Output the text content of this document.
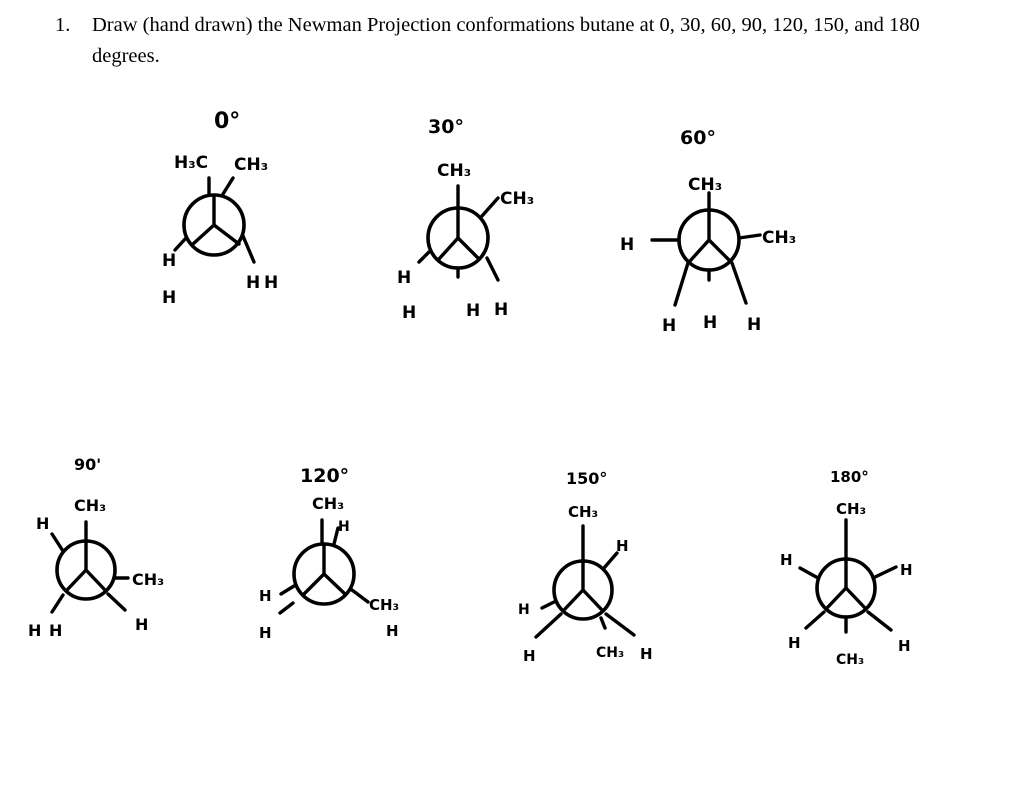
1. Draw (hand drawn) the Newman Projection conformations butane at 0, 30, 60, 90, 120, 150, and 180 degrees.
0°
H₃C CH₃
H
H
H H
30°
CH₃
CH₃
H
H	H H
60°
CH₃
H	CH₃
H H H
90'
CH₃
H
CH₃
H H	H
120°
CH₃
H
H
H
CH₃
H
150°
CH₃
H
H
H	CH₃ H
180°
CH₃
H
H
H
CH₃
H
